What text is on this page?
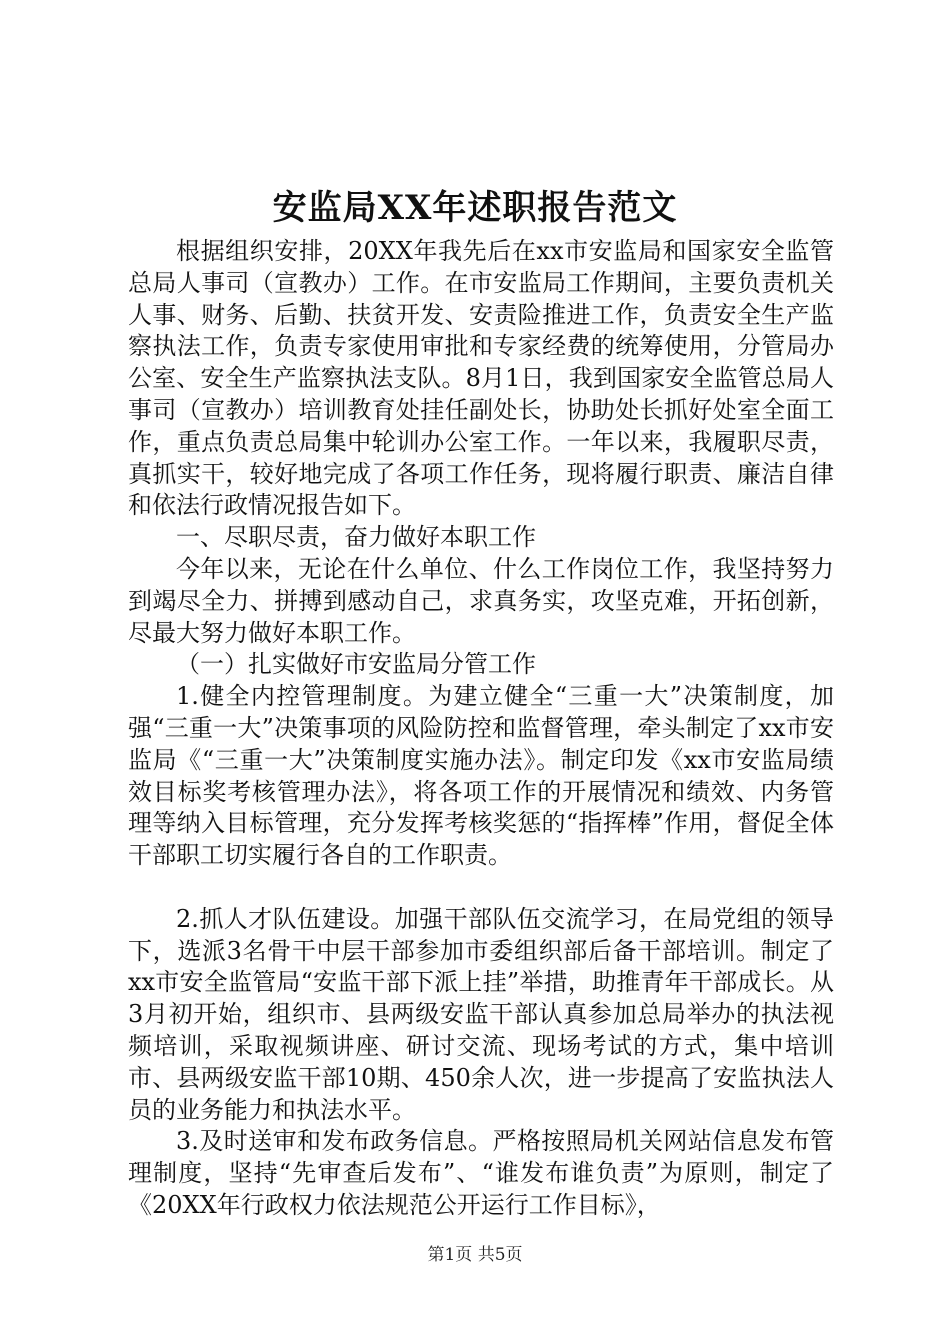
安监局XX年述职报告范文

根据组织安排，20XX年我先后在xx市安监局和国家安全监管总局人事司（宣教办）工作。在市安监局工作期间，主要负责机关人事、财务、后勤、扶贫开发、安责险推进工作，负责安全生产监察执法工作，负责专家使用审批和专家经费的统筹使用，分管局办公室、安全生产监察执法支队。8月1日，我到国家安全监管总局人事司（宣教办）培训教育处挂任副处长，协助处长抓好处室全面工作，重点负责总局集中轮训办公室工作。一年以来，我履职尽责，真抓实干，较好地完成了各项工作任务，现将履行职责、廉洁自律和依法行政情况报告如下。

一、尽职尽责，奋力做好本职工作

今年以来，无论在什么单位、什么工作岗位工作，我坚持努力到竭尽全力、拼搏到感动自己，求真务实，攻坚克难，开拓创新，尽最大努力做好本职工作。

（一）扎实做好市安监局分管工作

1.健全内控管理制度。为建立健全“三重一大”决策制度，加强“三重一大”决策事项的风险防控和监督管理，牵头制定了xx市安监局《“三重一大”决策制度实施办法》。制定印发《xx市安监局绩效目标奖考核管理办法》，将各项工作的开展情况和绩效、内务管理等纳入目标管理，充分发挥考核奖惩的“指挥棒”作用，督促全体干部职工切实履行各自的工作职责。

2.抓人才队伍建设。加强干部队伍交流学习，在局党组的领导下，选派3名骨干中层干部参加市委组织部后备干部培训。制定了xx市安全监管局“安监干部下派上挂”举措，助推青年干部成长。从3月初开始，组织市、县两级安监干部认真参加总局举办的执法视频培训，采取视频讲座、研讨交流、现场考试的方式，集中培训市、县两级安监干部10期、450余人次，进一步提高了安监执法人员的业务能力和执法水平。

3.及时送审和发布政务信息。严格按照局机关网站信息发布管理制度，坚持“先审查后发布”、“谁发布谁负责”为原则，制定了《20XX年行政权力依法规范公开运行工作目标》，

第1页 共5页
